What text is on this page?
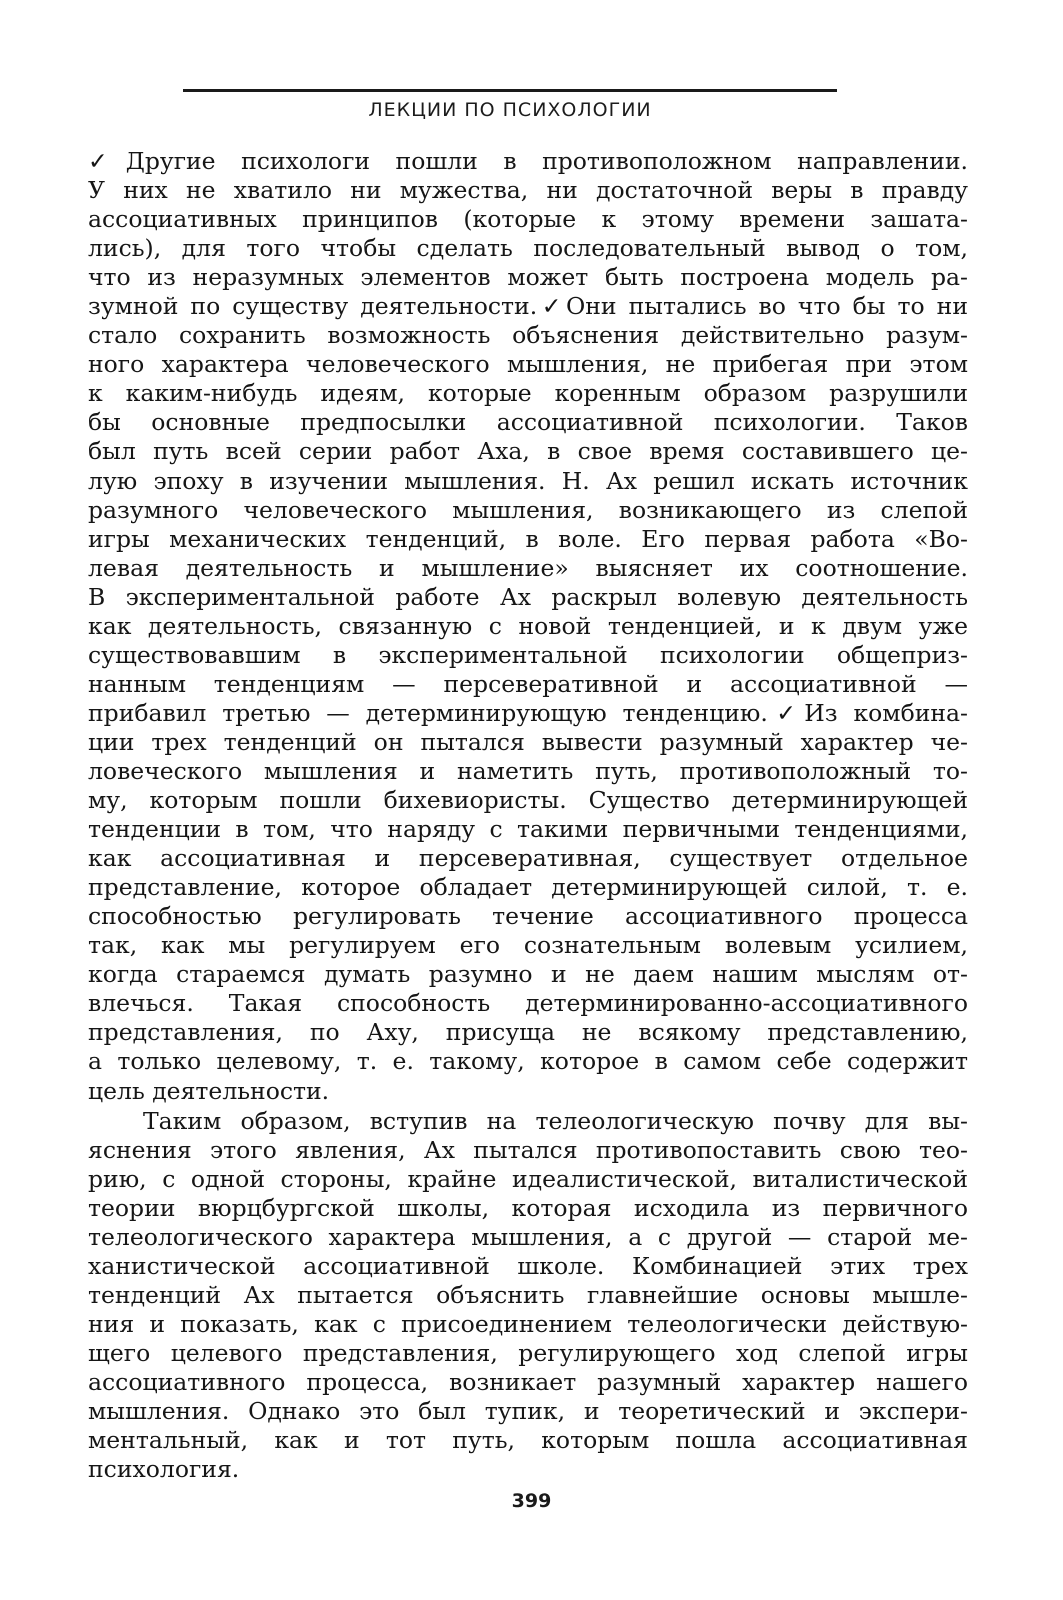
ЛЕКЦИИ ПО ПСИХОЛОГИИ
✓Другие психологи пошли в противоположном направлении.
У них не хватило ни мужества, ни достаточной веры в правду
ассоциативных принципов (которые к этому времени зашата-
лись), для того чтобы сделать последовательный вывод о том,
что из неразумных элементов может быть построена модель ра-
зумной по существу деятельности.✓Они пытались во что бы то ни
стало сохранить возможность объяснения действительно разум-
ного характера человеческого мышления, не прибегая при этом
к каким-нибудь идеям, которые коренным образом разрушили
бы основные предпосылки ассоциативной психологии. Таков
был путь всей серии работ Аха, в свое время составившего це-
лую эпоху в изучении мышления. Н. Ах решил искать источник
разумного человеческого мышления, возникающего из слепой
игры механических тенденций, в воле. Его первая работа «Во-
левая деятельность и мышление» выясняет их соотношение.
В экспериментальной работе Ах раскрыл волевую деятельность
как деятельность, связанную с новой тенденцией, и к двум уже
существовавшим в экспериментальной психологии общеприз-
нанным тенденциям — персеверативной и ассоциативной —
прибавил третью — детерминирующую тенденцию.✓Из комбина-
ции трех тенденций он пытался вывести разумный характер че-
ловеческого мышления и наметить путь, противоположный то-
му, которым пошли бихевиористы. Существо детерминирующей
тенденции в том, что наряду с такими первичными тенденциями,
как ассоциативная и персеверативная, существует отдельное
представление, которое обладает детерминирующей силой, т. е.
способностью регулировать течение ассоциативного процесса
так, как мы регулируем его сознательным волевым усилием,
когда стараемся думать разумно и не даем нашим мыслям от-
влечься. Такая способность детерминированно-ассоциативного
представления, по Аху, присуща не всякому представлению,
а только целевому, т. е. такому, которое в самом себе содержит
цель деятельности.
Таким образом, вступив на телеологическую почву для вы-
яснения этого явления, Ах пытался противопоставить свою тео-
рию, с одной стороны, крайне идеалистической, виталистической
теории вюрцбургской школы, которая исходила из первичного
телеологического характера мышления, а с другой — старой ме-
ханистической ассоциативной школе. Комбинацией этих трех
тенденций Ах пытается объяснить главнейшие основы мышле-
ния и показать, как с присоединением телеологически действую-
щего целевого представления, регулирующего ход слепой игры
ассоциативного процесса, возникает разумный характер нашего
мышления. Однако это был тупик, и теоретический и экспери-
ментальный, как и тот путь, которым пошла ассоциативная
психология.
399
